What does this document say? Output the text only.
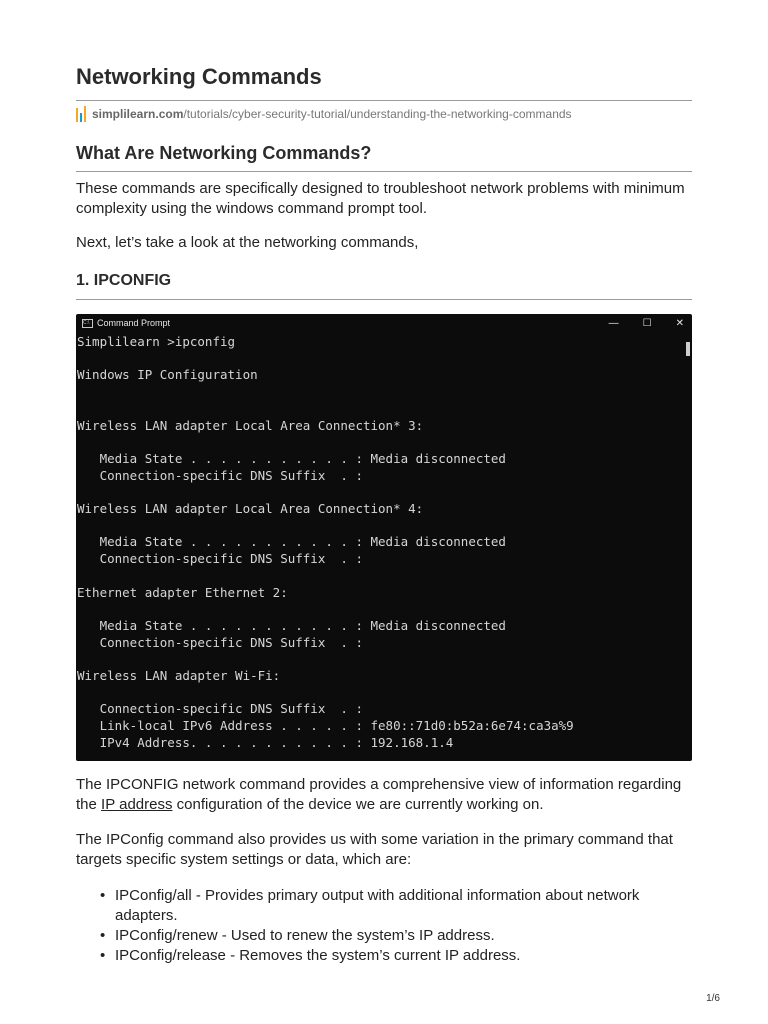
Networking Commands
simplilearn.com /tutorials/cyber-security-tutorial/understanding-the-networking-commands
What Are Networking Commands?

These commands are specifically designed to troubleshoot network problems with minimum complexity using the windows command prompt tool.

Next, let’s take a look at the networking commands,

1. IPCONFIG
C:\ Command Prompt	— ☐ ✕
Simplilearn >ipconfig

Windows IP Configuration

Wireless LAN adapter Local Area Connection* 3:

Media State . . . . . . . . . . . : Media disconnected
Connection-specific DNS Suffix  . :

Wireless LAN adapter Local Area Connection* 4:

Media State . . . . . . . . . . . : Media disconnected
Connection-specific DNS Suffix  . :

Ethernet adapter Ethernet 2:

Media State . . . . . . . . . . . : Media disconnected
Connection-specific DNS Suffix  . :

Wireless LAN adapter Wi-Fi:

Connection-specific DNS Suffix  . :
Link-local IPv6 Address . . . . . : fe80::71d0:b52a:6e74:ca3a%9
IPv4 Address. . . . . . . . . . . : 192.168.1.4

The IPCONFIG network command provides a comprehensive view of information regarding the IP address configuration of the device we are currently working on.

The IPConfig command also provides us with some variation in the primary command that targets specific system settings or data, which are:

• IPConfig/all - Provides primary output with additional information about network adapters.
• IPConfig/renew - Used to renew the system’s IP address.
• IPConfig/release - Removes the system’s current IP address.
1/6
